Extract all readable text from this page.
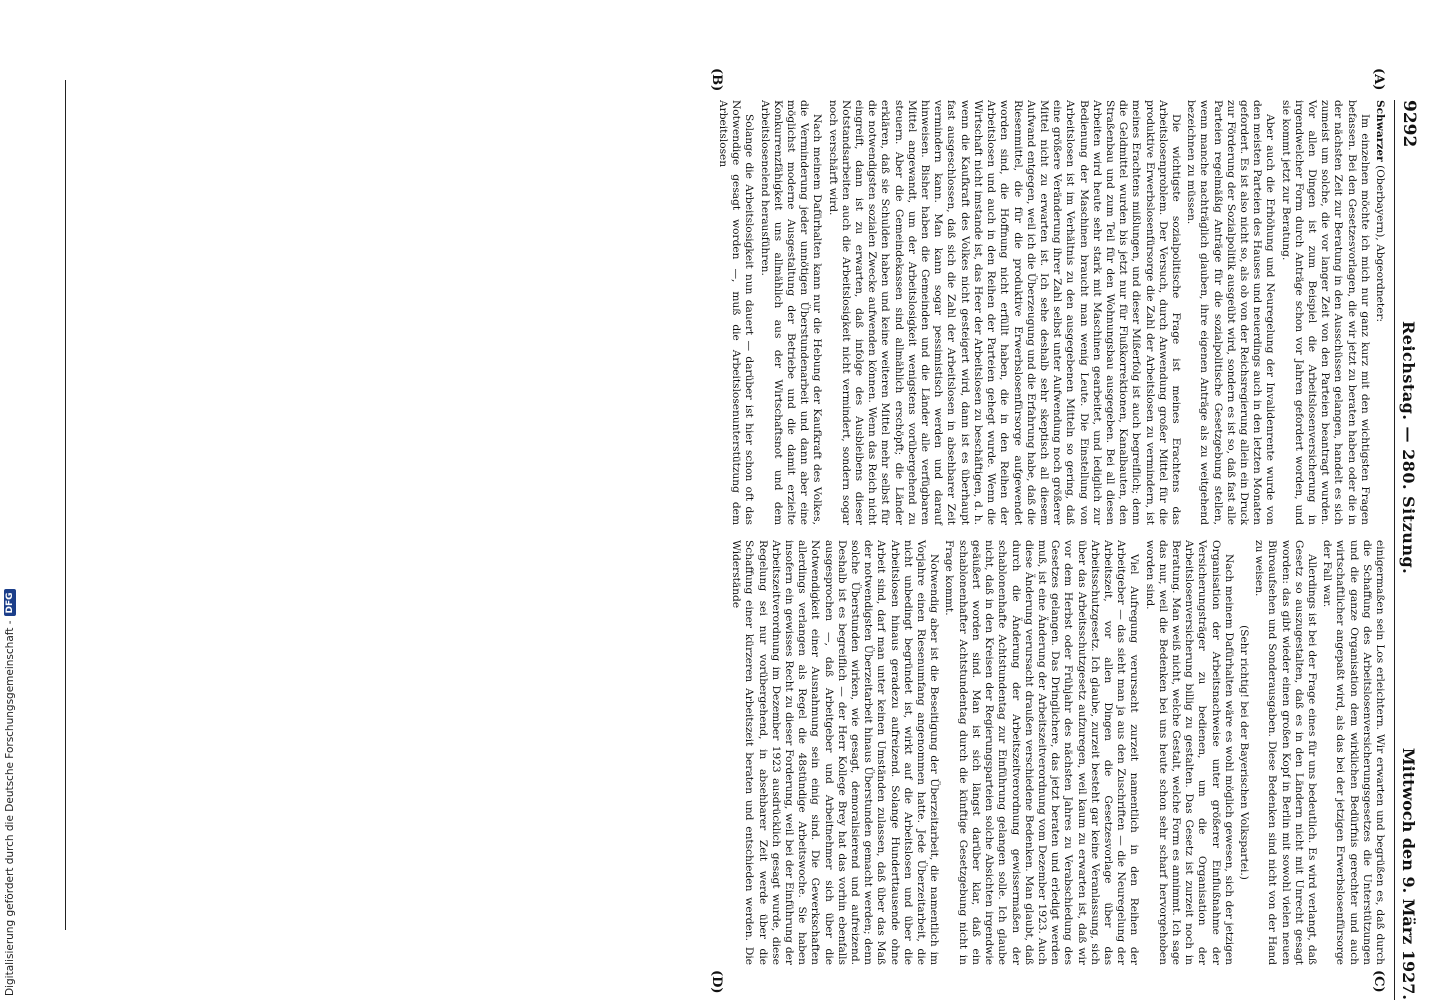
9292
Reichstag. — 280. Sitzung.
Mittwoch den 9. März 1927.
(A)
(B)
(C)
(D)

Schwarzer (Oberbayern), Abgeordneter:

Im einzelnen möchte ich mich nur ganz kurz mit den wichtigsten Fragen befassen. Bei den Gesetzesvorlagen, die wir jetzt zu beraten haben oder die in der nächsten Zeit zur Beratung in den Ausschüssen gelangen, handelt es sich zumeist um solche, die vor langer Zeit von den Parteien beantragt wurden. Vor allen Dingen ist zum Beispiel die Arbeitslosenversicherung in irgendwelcher Form durch Anträge schon vor Jahren gefordert worden, und sie kommt jetzt zur Beratung.

Aber auch die Erhöhung und Neuregelung der Invalidenrente wurde von den meisten Parteien des Hauses und neuerdings auch in den letzten Monaten gefordert. Es ist also nicht so, als ob von der Reichsregierung allein ein Druck zur Förderung der Sozialpolitik ausgeübt wird, sondern es ist so, daß fast alle Parteien regelmäßig Anträge für die sozialpolitische Gesetzgebung stellen, wenn manche nachträglich glauben, ihre eigenen Anträge als zu weitgehend bezeichnen zu müssen.

Die wichtigste sozialpolitische Frage ist meines Erachtens das Arbeitslosenproblem. Der Versuch, durch Anwendung großer Mittel für die produktive Erwerbslosenfürsorge die Zahl der Arbeitslosen zu vermindern, ist meines Erachtens mißlungen, und dieser Mißerfolg ist auch begreiflich; denn die Geldmittel wurden bis jetzt nur für Flußkorrektionen, Kanalbauten, den Straßenbau und zum Teil für den Wohnungsbau ausgegeben. Bei all diesen Arbeiten wird heute sehr stark mit Maschinen gearbeitet, und lediglich zur Bedienung der Maschinen braucht man wenig Leute. Die Einstellung von Arbeitslosen ist im Verhältnis zu den ausgegebenen Mitteln so gering, daß eine größere Veränderung ihrer Zahl selbst unter Aufwendung noch größerer Mittel nicht zu erwarten ist. Ich sehe deshalb sehr skeptisch all diesem Aufwand entgegen, weil ich die Überzeugung und die Erfahrung habe, daß die Riesenmittel, die für die produktive Erwerbslosenfürsorge aufgewendet worden sind, die Hoffnung nicht erfüllt haben, die in den Reihen der Arbeitslosen und auch in den Reihen der Parteien gehegt wurde. Wenn die Wirtschaft nicht imstande ist, das Heer der Arbeitslosen zu beschäftigen, d. h. wenn die Kaufkraft des Volkes nicht gesteigert wird, dann ist es überhaupt fast ausgeschlossen, daß sich die Zahl der Arbeitslosen in absehbarer Zeit vermindern kann. Man kann sogar pessimistisch werden und darauf hinweisen. Bisher haben die Gemeinden und die Länder alle verfügbaren Mittel angewandt, um der Arbeitslosigkeit wenigstens vorübergehend zu steuern. Aber die Gemeindekassen sind allmählich erschöpft; die Länder erklären, daß sie Schulden haben und keine weiteren Mittel mehr selbst für die notwendigsten sozialen Zwecke aufwenden können. Wenn das Reich nicht eingreift, dann ist zu erwarten, daß infolge des Ausbleibens dieser Notstandsarbeiten auch die Arbeitslosigkeit nicht vermindert, sondern sogar noch verschärft wird.

Nach meinem Dafürhalten kann nur die Hebung der Kaufkraft des Volkes, die Verminderung jeder unnötigen Überstundenarbeit und dann aber eine möglichst moderne Ausgestaltung der Betriebe und die damit erzielte Konkurrenzfähigkeit uns allmählich aus der Wirtschaftsnot und dem Arbeitslosenelend herausführen.

Solange die Arbeitslosigkeit nun dauert — darüber ist hier schon oft das Notwendige gesagt worden —, muß die Arbeitslosenunterstützung dem Arbeitslosen

einigermaßen sein Los erleichtern. Wir erwarten und begrüßen es, daß durch die Schaffung des Arbeitslosenversicherungsgesetzes die Unterstützungen und die ganze Organisation dem wirklichen Bedürfnis gerechter und auch wirtschaftlicher angepaßt wird, als das bei der jetzigen Erwerbslosenfürsorge der Fall war.

Allerdings ist bei der Frage eines für uns bedeutlich. Es wird verlangt, daß Gesetz so auszugestalten, daß es in den Ländern nicht mit Unrecht gesagt worden: das gibt wieder einen großen Kopf in Berlin mit sowohl vielen neuen Büroaufsehen und Sonderausgaben. Diese Bedenken sind nicht von der Hand zu weisen.

(Sehr richtig! bei der Bayerischen Volkspartei.)

Nach meinem Dafürhalten wäre es wohl möglich gewesen, sich der jetzigen Organisation der Arbeitsnachweise unter größerer Einflußnahme der Versicherungsträger zu bedienen, um die Organisation der Arbeitslosenversicherung billig zu gestalten. Das Gesetz ist zurzeit noch in Beratung. Man weiß nicht, welche Gestalt, welche Form es annimmt. Ich sage das nur, weil die Bedenken bei uns heute schon sehr scharf hervorgehoben worden sind.

Viel Aufregung verursacht zurzeit namentlich in den Reihen der Arbeitgeber — das sieht man ja aus den Zuschriften — die Neuregelung der Arbeitszeit, vor allen Dingen die Gesetzesvorlage über das Arbeitsschutzgesetz. Ich glaube, zurzeit besteht gar keine Veranlassung, sich über das Arbeitsschutzgesetz aufzuregen, weil kaum zu erwarten ist, daß wir vor dem Herbst oder Frühjahr des nächsten Jahres zu Verabschiedung des Gesetzes gelangen. Das Dringlichere, das jetzt beraten und erledigt werden muß, ist eine Änderung der Arbeitszeitverordnung vom Dezember 1923. Auch diese Änderung verursacht draußen verschiedene Bedenken. Man glaubt, daß durch die Änderung der Arbeitszeitverordnung gewissermaßen der schablonenhafte Achtstundentag zur Einführung gelangen solle. Ich glaube nicht, daß in den Kreisen der Regierungsparteien solche Absichten irgendwie geäußert worden sind. Man ist sich längst darüber klar, daß ein schablonenhafter Achtstundentag durch die künftige Gesetzgebung nicht in Frage kommt.

Notwendig aber ist die Beseitigung der Überzeitarbeit, die namentlich im Vorjahre einen Riesenumfang angenommen hatte. Jede Überzeitarbeit, die nicht unbedingt begründet ist, wirkt auf die Arbeitslosen und über die Arbeitslosen hinaus geradezu aufreizend. Solange Hunderttausende ohne Arbeit sind, darf man unter keinen Umständen zulassen, daß über das Maß der notwendigsten Überzeitarbeit hinaus Überstunden gemacht werden; denn solche Überstunden wirken, wie gesagt, demoralisierend und aufreizend. Deshalb ist es begreiflich — der Herr Kollege Brey hat das vorhin ebenfalls ausgesprochen —, daß Arbeitgeber und Arbeitnehmer sich über die Notwendigkeit einer Ausnahmung sein einig sind. Die Gewerkschaften allerdings verlangen als Regel die 48stündige Arbeitswoche. Sie haben insofern ein gewisses Recht zu dieser Forderung, weil bei der Einführung der Arbeitszeitverordnung im Dezember 1923 ausdrücklich gesagt wurde, diese Regelung sei nur vorübergehend, in absehbarer Zeit werde über die Schaffung einer kürzeren Arbeitszeit beraten und entschieden werden. Die Widerstände

Digitalisierung gefördert durch die Deutsche Forschungsgemeinschaft -
DFG
